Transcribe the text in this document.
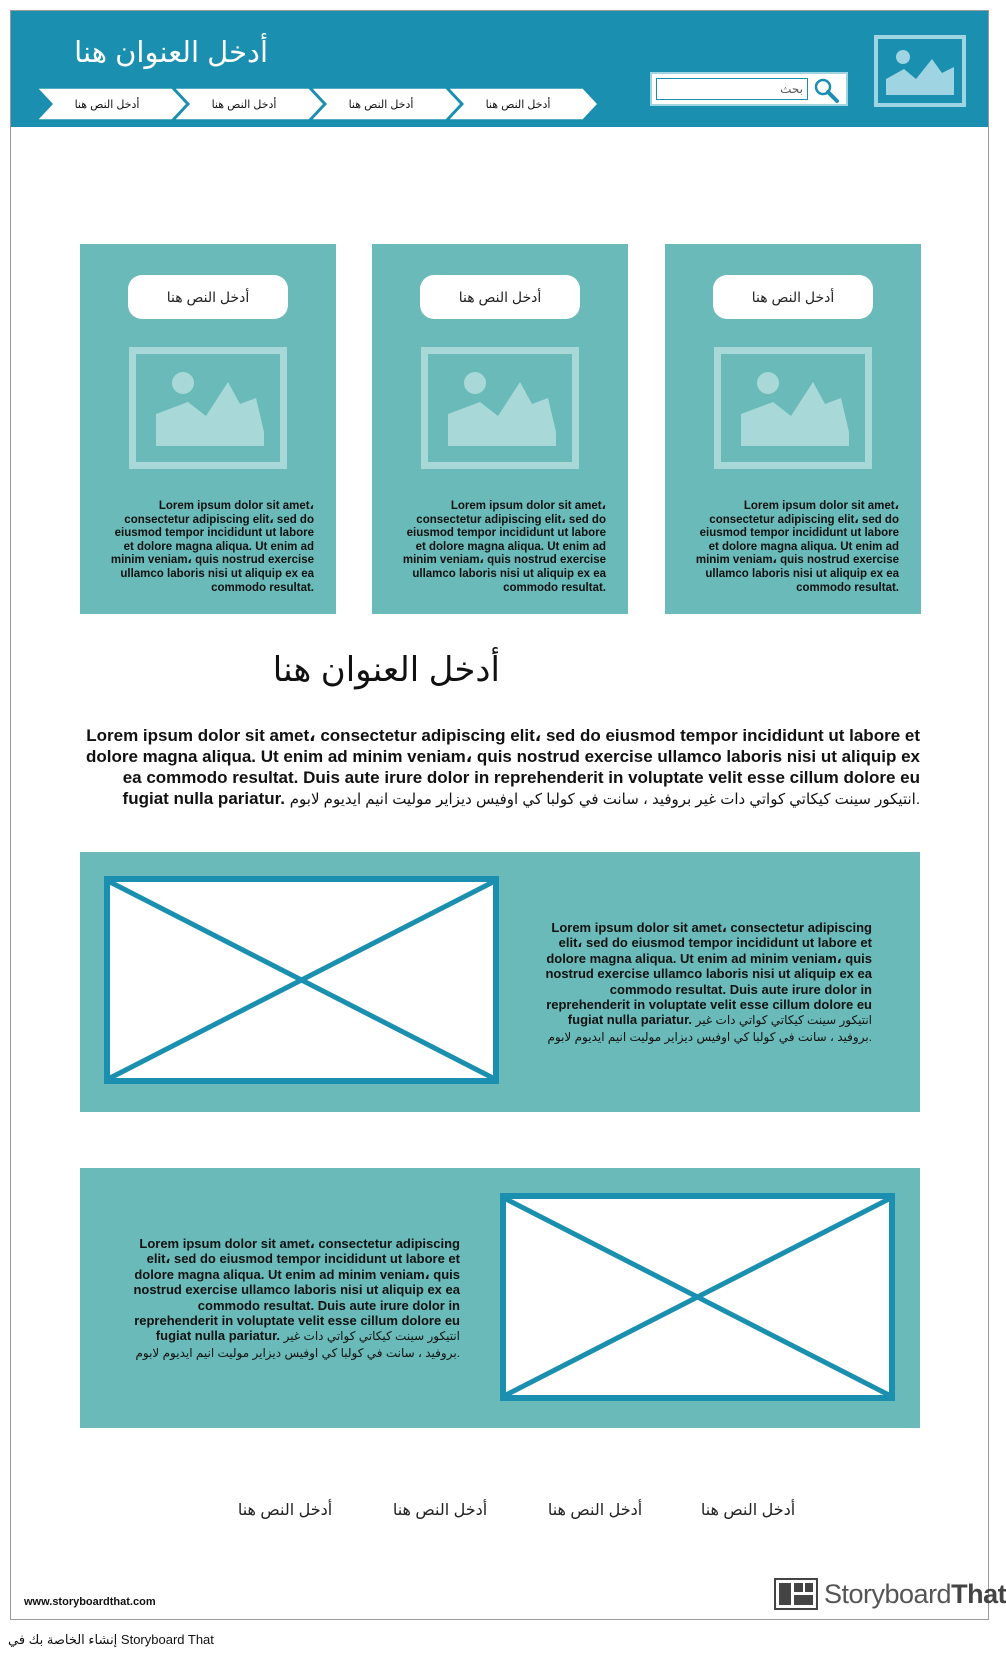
أدخل العنوان هنا
أدخل النص هنا	أدخل النص هنا	أدخل النص هنا	أدخل النص هنا
بحث
أدخل النص هنا
Lorem ipsum dolor sit amet، consectetur adipiscing elit، sed do eiusmod tempor incididunt ut labore et dolore magna aliqua. Ut enim ad minim veniam، quis nostrud exercise ullamco laboris nisi ut aliquip ex ea commodo resultat.
أدخل النص هنا
Lorem ipsum dolor sit amet، consectetur adipiscing elit، sed do eiusmod tempor incididunt ut labore et dolore magna aliqua. Ut enim ad minim veniam، quis nostrud exercise ullamco laboris nisi ut aliquip ex ea commodo resultat.
أدخل النص هنا
Lorem ipsum dolor sit amet، consectetur adipiscing elit، sed do eiusmod tempor incididunt ut labore et dolore magna aliqua. Ut enim ad minim veniam، quis nostrud exercise ullamco laboris nisi ut aliquip ex ea commodo resultat.
أدخل العنوان هنا
Lorem ipsum dolor sit amet، consectetur adipiscing elit، sed do eiusmod tempor incididunt ut labore et dolore magna aliqua. Ut enim ad minim veniam، quis nostrud exercise ullamco laboris nisi ut aliquip ex ea commodo resultat. Duis aute irure dolor in reprehenderit in voluptate velit esse cillum dolore eu fugiat nulla pariatur. انتيكور سينت كيكاتي كواتي دات غير بروفيد ، سانت في كولبا كي اوفيس ديزاير موليت انيم ايديوم لابوم.
Lorem ipsum dolor sit amet، consectetur adipiscing elit، sed do eiusmod tempor incididunt ut labore et dolore magna aliqua. Ut enim ad minim veniam، quis nostrud exercise ullamco laboris nisi ut aliquip ex ea commodo resultat. Duis aute irure dolor in reprehenderit in voluptate velit esse cillum dolore eu fugiat nulla pariatur. انتيكور سينت كيكاتي كواتي دات غير بروفيد ، سانت في كولبا كي اوفيس ديزاير موليت انيم ايديوم لابوم.
Lorem ipsum dolor sit amet، consectetur adipiscing elit، sed do eiusmod tempor incididunt ut labore et dolore magna aliqua. Ut enim ad minim veniam، quis nostrud exercise ullamco laboris nisi ut aliquip ex ea commodo resultat. Duis aute irure dolor in reprehenderit in voluptate velit esse cillum dolore eu fugiat nulla pariatur. انتيكور سينت كيكاتي كواتي دات غير بروفيد ، سانت في كولبا كي اوفيس ديزاير موليت انيم ايديوم لابوم.
أدخل النص هنا	أدخل النص هنا	أدخل النص هنا	أدخل النص هنا
www.storyboardthat.com	StoryboardThat
إنشاء الخاصة بك في Storyboard That
